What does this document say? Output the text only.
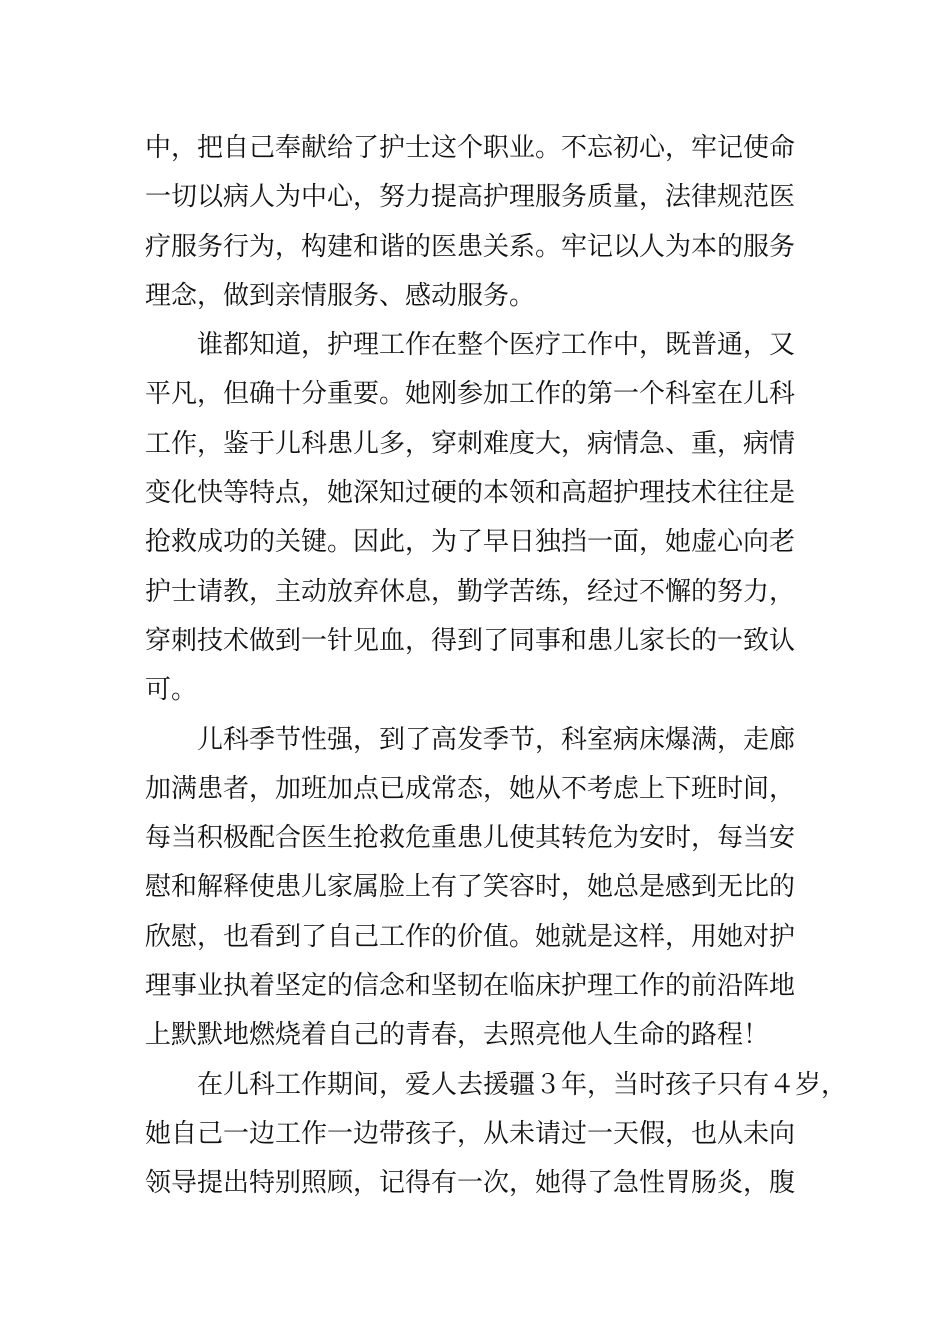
中，把自己奉献给了护士这个职业。不忘初心，牢记使命
一切以病人为中心，努力提高护理服务质量，法律规范医
疗服务行为，构建和谐的医患关系。牢记以人为本的服务
理念，做到亲情服务、感动服务。
谁都知道，护理工作在整个医疗工作中，既普通，又
平凡，但确十分重要。她刚参加工作的第一个科室在儿科
工作，鉴于儿科患儿多，穿刺难度大，病情急、重，病情
变化快等特点，她深知过硬的本领和高超护理技术往往是
抢救成功的关键。因此，为了早日独挡一面，她虚心向老
护士请教，主动放弃休息，勤学苦练，经过不懈的努力，
穿刺技术做到一针见血，得到了同事和患儿家长的一致认
可。
儿科季节性强，到了高发季节，科室病床爆满，走廊
加满患者，加班加点已成常态，她从不考虑上下班时间，
每当积极配合医生抢救危重患儿使其转危为安时，每当安
慰和解释使患儿家属脸上有了笑容时，她总是感到无比的
欣慰，也看到了自己工作的价值。她就是这样，用她对护
理事业执着坚定的信念和坚韧在临床护理工作的前沿阵地
上默默地燃烧着自己的青春，去照亮他人生命的路程！
在儿科工作期间，爱人去援疆３年，当时孩子只有４岁，
她自己一边工作一边带孩子，从未请过一天假，也从未向
领导提出特别照顾，记得有一次，她得了急性胃肠炎，腹
